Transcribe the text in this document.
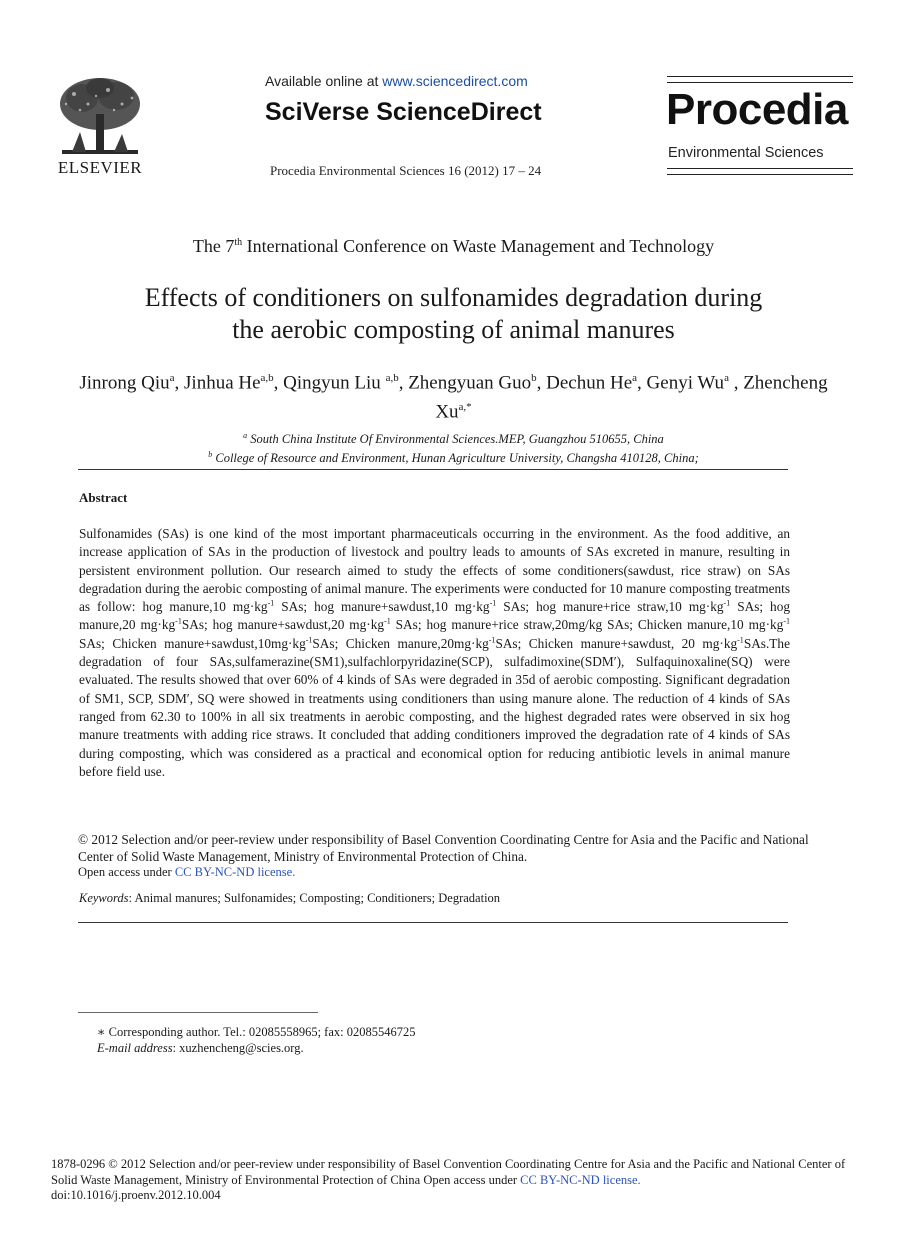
ELSEVIER
Available online at www.sciencedirect.com
SciVerse ScienceDirect
Procedia Environmental Sciences 16 (2012) 17 – 24
Procedia
Environmental Sciences
The 7th International Conference on Waste Management and Technology
Effects of conditioners on sulfonamides degradation during
the aerobic composting of animal manures
Jinrong Qiu$^a$, Jinhua He$^{a,b}$, Qingyun Liu $^{a,b}$, Zhengyuan Guo$^b$, Dechun He$^a$, Genyi Wu$^a$ , Zhencheng $Xu^{a,*}$
$^a$ South China Institute Of Environmental Sciences.MEP, Guangzhou 510655, China
$^b$ College of Resource and Environment, Hunan Agriculture University, Changsha 410128, China;
Abstract
Sulfonamides (SAs) is one kind of the most important pharmaceuticals occurring in the environment. As the food additive, an increase application of SAs in the production of livestock and poultry leads to amounts of SAs excreted in manure, resulting in persistent environment pollution. Our research aimed to study the effects of some conditioners(sawdust, rice straw) on SAs degradation during the aerobic composting of animal manure. The experiments were conducted for 10 manure composting treatments as follow: hog manure,10 $mg\cdot kg^{-1}$ SAs; hog manure+sawdust,10 $mg\cdot kg^{-1}$ SAs; hog manure+rice straw,10 $mg\cdot kg^{-1}$ SAs; hog manure,20 $mg\cdot kg^{-1}SAs$; hog manure+sawdust,20 $mg\cdot kg^{-1}$ SAs; hog manure+rice straw,20mg/kg SAs; Chicken manure,10 $mg\cdot kg^{-1}$ SAs; Chicken $manure+sawdust,10mg\cdot kg^{-1}SAs$; Chicken $manure,20mg\cdot kg^{-1}SAs$; Chicken manure+sawdust, 20 $mg\cdot kg^{-1}SAs.The$ degradation of four SAs,sulfamerazine(SM1),sulfachlorpyridazine(SCP), sulfadimoxine(SDM′), Sulfaquinoxaline(SQ) were evaluated. The results showed that over 60% of 4 kinds of SAs were degraded in 35d of aerobic composting. Significant degradation of SM1, SCP, SDM′, SQ were showed in treatments using conditioners than using manure alone. The reduction of 4 kinds of SAs ranged from 62.30 to 100% in all six treatments in aerobic composting, and the highest degraded rates were observed in six hog manure treatments with adding rice straws. It concluded that adding conditioners improved the degradation rate of 4 kinds of SAs during composting, which was considered as a practical and economical option for reducing antibiotic levels in animal manure before field use.
© 2012 Selection and/or peer-review under responsibility of Basel Convention Coordinating Centre for Asia and the Pacific and National Center of Solid Waste Management, Ministry of Environmental Protection of China.
Open access under CC BY-NC-ND license.
Keywords: Animal manures; Sulfonamides; Composting; Conditioners; Degradation
∗ Corresponding author. Tel.: 02085558965; fax: 02085546725
E-mail address: xuzhencheng@scies.org.
1878-0296 © 2012 Selection and/or peer-review under responsibility of Basel Convention Coordinating Centre for Asia and the Pacific and National Center of Solid Waste Management, Ministry of Environmental Protection of China Open access under CC BY-NC-ND license.
doi:10.1016/j.proenv.2012.10.004
